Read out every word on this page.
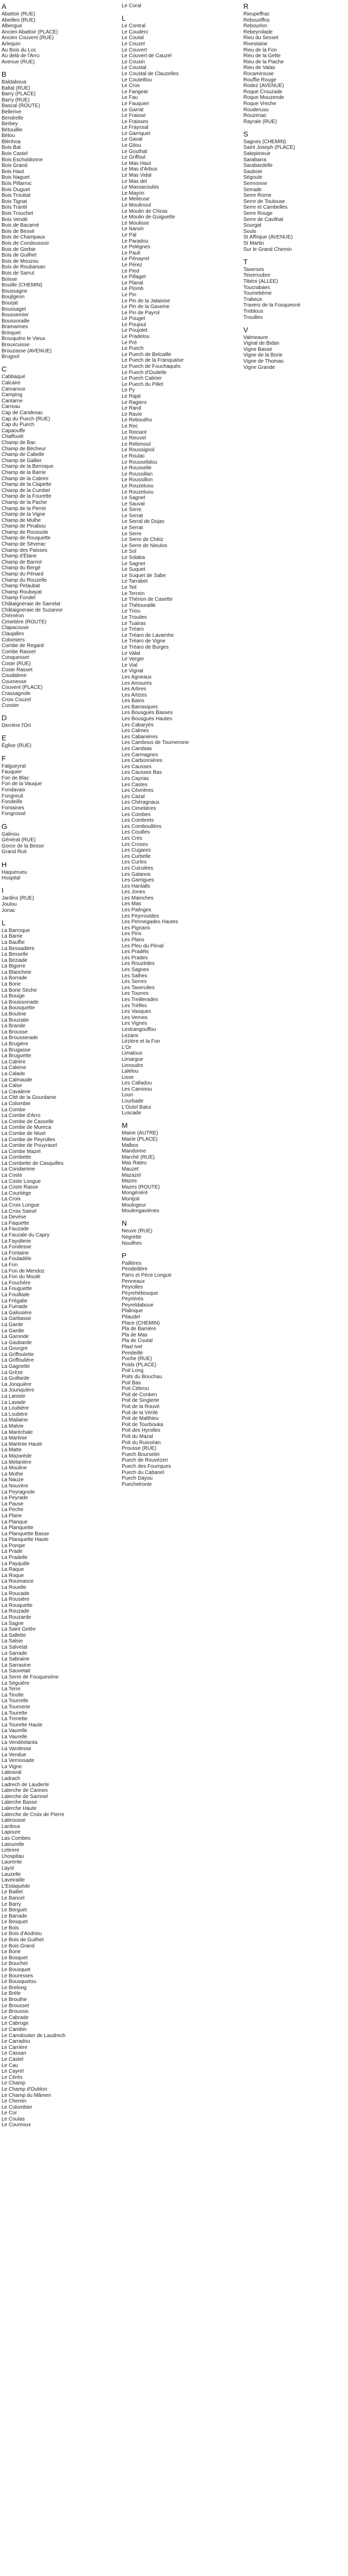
A
Abattoir (RUE)
Abeilles (RUE)
Albergue
Ancien Abattoir (PLACE)
Ancien Couvent (RUE)
Arlequin
Au Bois du Loc
Au delà de l'Arru
Avenue (RUE)
B
Baldaboua
Baltal (RUE)
Barry (PLACE)
Barry (RUE)
Bascal (ROUTE)
Bellerive
Bendrelle
Berbey
Bétouillie
Bétou
Blénhoa
Bois Bat
Bois Castel
Bois Escholdonne
Bois Grand
Bois Haut
Bois Naguet
Bois Pillarroc
Bois Ouguet
Bois Troubat
Bois Tignat
Bois Trantil
Bois Trouchet
Bois Vendé
Bois de Bacamé
Bois de Bessé
Bois de Champaux
Bois de Condoussoir
Bois de Gerbie
Bois de Guilhet
Bois de Mouzou
Bois de Roubarsan
Bois de Sarrut
Boisse
Bouille (CHEMIN)
Boussagne
Boujlgeon
Bourjat
Boussaget
Boussemier
Boussoraille
Bramarines
Brinquet
Brouquère le Vieux
Brouxcuisse
Brouzasse (AVENUE)
Brugnol
C
Cabbaqué
Calcaire
Camaroux
Camping
Cantarne
Carreau
Cap de Candesac
Cap du Puech (RUE)
Cap du Puech
Capaouffe
Chaffoulé
Champ de Bac
Champ de Bécheur
Champ de Cabelle
Champ de Gallier
Champ de la Berroque
Champ de la Barrie
Champ de la Caleire
Champ de la Clapette
Champ de la Cumbel
Champ de la Fourette
Champ de la Pache
Champ de la Perrie
Champ de la Vigne
Champ de Mulhe
Champ de Pinabou
Champ de Roussole
Champ de Rouquette
Champ de Séverac
Champ des Paisses
Champ d'Élane
Champ de Barriol
Champ du Bergé
Champ du Pénard
Champ du Rouzelle
Champ Pelaubat
Champ Roubayat
Champ Fondel
Châtaigneraie de Sarrelat
Châtaigneraie de Suzanne
Chéméon
Cimetière (ROUTE)
Clapacouse
Claujalles
Colomiers
Combe de Regard
Combe Rasset
Conquesset
Coste (RUE)
Coste Rasset
Coudalene
Cournesse
Couvent (PLACE)
Crassagnole
Croix Couzel
Cussier
D
Derrière l'Ort
E
Église (RUE)
F
Falgueyrat
Fauquier
Fon de Blac
Fon de la Vauque
Fondavaix
Fongreuil
Fondeille
Fontaines
Fongrossé
G
Galinou
Général (RUE)
Gorce de la Besse
Grand Rué
H
Haquerueu
Hospital
I
Jardins (RUE)
Joulou
Jonac
L
La Barroque
La Barrie
La Bauffie
La Bessadière
La Besselle
La Béziade
La Bigorre
La Blancheie
La Borrade
La Borie
La Borie Sèche
La Bouige
La Bouissonade
La Bousquette
La Boutine
La Bouzatie
La Brande
La Brousse
La Brousserade
La Brugière
La Brugasse
La Bruguette
La Calrère
La Caleine
La Calade
La Calmaude
La Calse
La Cavalerie
La Cité de la Gourdame
La Colombie
La Combe
La Combe d'Arro
La Combe de Casselle
La Combe de Mureca
La Combe de Nivel
La Combe de Peyrolles
La Combe de Pouyrasel
La Combe Mazel
La Combette
La Combette de Casquilles
La Condamine
La Coste
La Coste Longue
La Coste Rasse
La Courtiège
La Croix
La Croix Longue
La Croix Sainel
La Devèse
La Faquette
La Fauzade
La Fauzale du Capry
La Fayollerie
La Fondesse
La Fontaine
La Fouladèle
La Fon
La Fon de Mendoz
La Fon du Moulé
La Fouchère
La Fouguette
La Fouillade
La Frégalie
La Fumade
La Galissière
La Garbasse
La Garde
La Gardie
La Garonde
La Gaubarde
La Gourgre
La Griffoulette
La Griffoulière
La Gagnette
La Grèze
La Guillarde
La Jonquière
La Jounquière
La Laniste
La Lavade
La Loubière
La Loubère
La Mailaine
La Malvie
La Maréchale
La Martinie
La Martinie Haute
La Matte
La Mazarède
La Melanière
La Mouline
La Mothe
La Nauze
La Nouvère
La Peyragnole
La Peyrade
La Pause
La Peche
La Plane
La Planque
La Planquette
La Planquette Basse
La Planquette Haute
La Pompe
La Prade
La Pradelle
La Payquille
La Raque
La Roque
La Roumance
La Rouelle
La Roucade
La Rousière
La Rouquette
La Rouzade
La Rouzarde
La Sagne
La Saint Gelée
La Sallette
La Salsie
La Salvetat
La Sarrade
La Sabraine
La Sarrasine
La Sauvetait
La Serre de Fouquesène
La Séguière
La Terre
La Tinolle
La Tourrelle
La Tournerie
La Tourette
La Trenette
La Tourette Haute
La Vaurelle
La Vaurelle
La Vendéelanta
La Vandesse
La Vendue
La Vernissade
La Vigne
Labraval
Ladrach
Ladrech de Lauderte
Lalerche de Cannes
Lalerche de Sarrinel
Lalerche Basse
Lalerche Haute
Lalerche de Croix de Pierre
Labrousse
Lardoux
Lapoure
Las Combes
Latourelle
Lebrere
Lhospitau
Laurente
Layol
Lauzelle
Laveiraille
L'Estaquède
Le Baillet
Le Bancel
Le Barry
Le Berguet
Le Barrade
Le Besquet
Le Bois
Le Bois d'Andrieu
Le Bois de Guilhet
Le Bois Grand
Le Borie
Le Bosquet
Le Bouchet
Le Bousquet
Le Bouresses
Le Bousquetou
Le Brelong
Le Brèle
Le Brouthe
Le Brousset
Le Broussis
Le Cabrade
Le Cabroge
Le Cambin
Le Camdoutier de Laudrech
Le Carradou
Le Carrière
Le Cassan
Le Castel
Le Cau
Le Cayrel
Le Cérès
Le Champ
Le Champ d'Oublon
Le Champ du Mâmen
Le Chemin
Le Colombier
Le Cor
Le Coulas
Le Coumoux
Le Coral
L
Le Contral
Le Couderc
Le Coutal
Le Couzel
Le Couvert
Le Couvert de Cauzel
Le Cousin
Le Coustal
Le Coustal de Clauzelles
Le Couteillou
Le Cros
Le Fangeat
Le Fau
Le Fauquier
Le Garrat
Le Fraisse
Le Fraisses
Le Frayssal
Le Garriquet
Le Gaval
Le Gitou
Le Gouthat
Le Griffoul
Le Mas Haut
Le Mas d'Arbus
Le Mas Vidal
Le Mas del
Le Massacoubis
Le Mayrin
Le Meileuse
Le Moulinoul
Le Moulin de Chiras
Le Moulin de Guiguette
Le Moulisse
Le Narsin
Le Pal
Le Paradou
Le Pelégnes
Le Pauli
Le Pénayrel
Le Pérez
Le Pied
Le Pillaget
Le Planal
Le Plomb
Le Pin
Le Pin de la Jalaisise
Le Pin de la Gaveine
Le Pin de Payrol
Le Pouget
Le Poujoul
Le Poujolet
Le Pradelou
Le Pré
Le Puech
Le Puech de Belcaille
Le Puech de la Franquaïse
Le Puech de Fouchaquès
Le Puech d'Oudelie
Le Puech Cabrier
Le Puech du Pillet
Le Py
Le Rajal
Le Ragiers
Le Rand
Le Ravie
Le Rebouilho
Le Rec
Le Reinarè
Le Rieuvel
Le Rebimoul
Le Roussignol
Le Roulac
Le Rousselidou
Le Rousselle
Le Roussillan
Le Roussillon
Le Rouzeluou
Le Rouzeluou
Le Sagnet
Le Sauval
Le Serre
Le Serrat
Le Serral de Dojas
Le Serrat
Le Serre
Le Serre de Chèiz
Le Serre de Nieulos
Le Sol
Le Solaba
Le Sagnet
Le Suquet
Le Suquet de Sabe
Le Tarrabet
Le Teil
Le Terrein
Le Thérion de Casette
Le Thétouraille
Le Triou
Le Trouiles
Le Tuairas
Le Tréaro
Le Tréaro de Lavarnhe
Le Tréaro de Vigne
Le Tréaro de Burges
Le Valat
Le Verger
Le Vial
Le Vignal
Les Agneaux
Les Amoures
Les Arbres
Les Artizes
Les Bains
Les Barrasques
Les Bousguès Basses
Les Bousguès Hautes
Les Cabaryès
Les Calmes
Les Cabanières
Les Cambous de Tournemine
Les Cambias
Les Carmagnes
Les Carbonnières
Les Causses
Les Causses Bas
Les Cayrias
Les Castes
Les Cévrières
Les Cazal
Les Chéragnaux
Les Cimetières
Les Combes
Les Combrets
Les Comboullées
Les Couilles
Les Crès
Les Croses
Les Cugares
Les Curbelle
Les Curtes
Les Cuirulées
Les Galanos
Les Garrigues
Les Hantalls
Les Jones
Les Mainches
Les Mas
Les Pailnges
Les Peyrrouldes
Les Pennegades Hautes
Les Pignans
Les Pins
Les Plans
Les Pleu du Pénal
Les Pradéls
Les Prades
Les Rouzèdes
Les Sagnes
Les Salhes
Les Serres
Les Taverulles
Les Tourres
Les Treillerades
Les Trèfles
Les Vasques
Les Vernes
Les Vignes
Lestrangouffou
Lezans
Lézière et la Fon
L'Or
Limalous
Limargue
Limoudre
Lalelou
Lisse
Les Calladou
Les Caminou
Loun
Lourbade
L'Outel Batui
Luscade
M
Maine (AUTRE)
Mairie (PLACE)
Malbos
Mandonne
Marché (RUE)
Mas Rateu
Mauzet
Mazazel
Mazes
Mazes (ROUTE)
Mongénéré
Montjoli
Moulogeur
Moulengaviènes
N
Neuve (RUE)
Negrette
Nouilhes
P
Paillères
Pendeillère
Parrs et Pèce Longue
Penneaux
Peyrolles
Peyrehèbouque
Peyrières
Peyreldaboue
Plalinque
Pilaudel
Place (CHEMIN)
Pla de Barrière
Pla de Mas
Pla de Coutal
Plaxl Ivel
Pendeillé
Poche (RUE)
Poids (PLACE)
Poit Long
Poits du Bouchau
Poit Bas
Poit Cébrou
Poit de Conken
Poit de Singlerle
Poit de la Rouvé
Poit de la Vérilé
Poit de Malthieu
Poit de Tourbouka
Poit des Hyrolles
Poit du Mazal
Poit du Ruissèan
Prousse (RUE)
Puech Bourselet
Puech de Rouvézen
Puech des Fourrques
Puech du Cabanel
Puech Dayou
Puechelronle
R
Rieupeffrac
Rebouriffos
Rebourlon
Rebeyrolade
Rieu du Sesset
Rivestaine
Rieu de la Fon
Rieu de la Gette
Rieu de la Piache
Rieu de Valas
Rocamirouse
Rouffie Rouge
Rodez (AVENUE)
Roque Crouzade
Roque Mouzende
Roque Vreche
Rouderusu
Rouzenac
Rayrale (RUE)
S
Sagnes (CHEMIN)
Saint Joseph (PLACE)
Salepimeuir
Sarabarra
Sarabardelle
Sauboie
Ségoule
Sermonne
Serrade
Serre Rorne
Serre de Toulouse
Serre et Cambelles
Serre Rouge
Serre de Cavilhat
Sourgat
Souls
St Affrique (AVENUE)
St Martin
Sur le Grand Chemin
T
Taverses
Teixeroubre
Tibéni (ALLEE)
Toucrabaes
Toumebème
Trabeux
Travers de la Fouquesné
Treblous
Trouilles
V
Valmeaure
Vignal de Bidan
Vigne Basse
Vigne de la Borie
Vigne de Thomas
Vigne Grande
